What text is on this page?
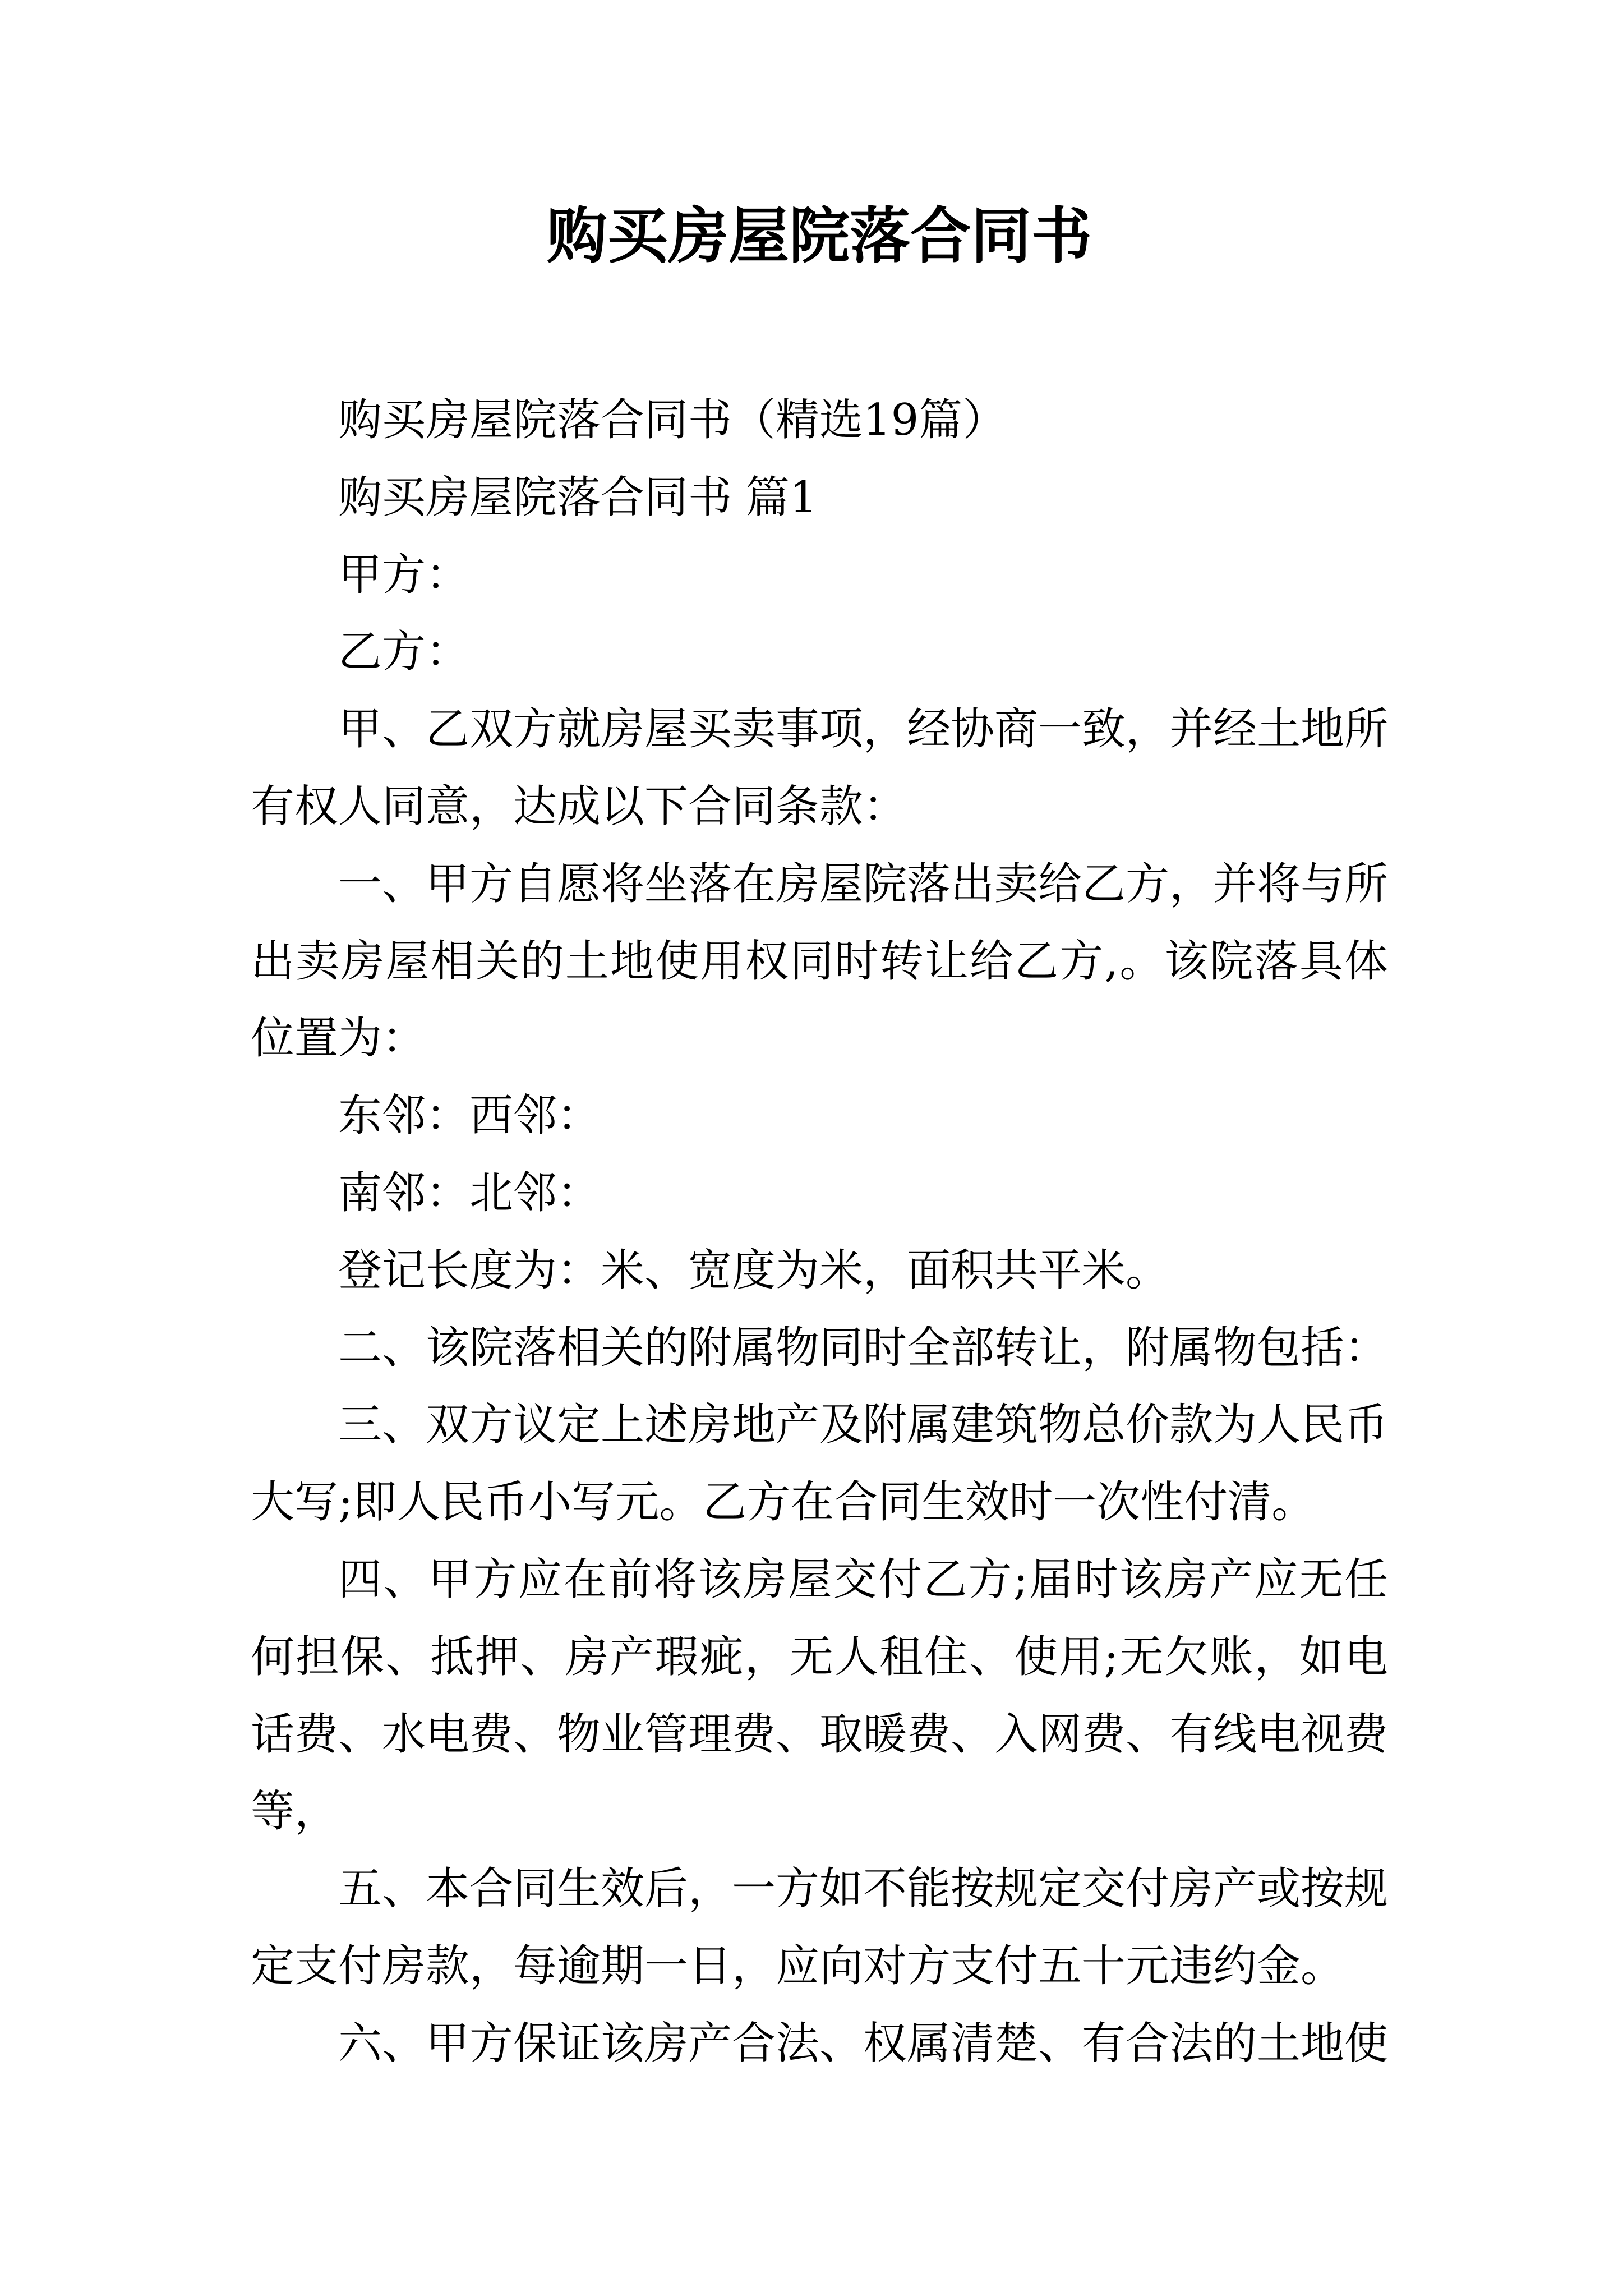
购买房屋院落合同书
购买房屋院落合同书（精选19篇）
购买房屋院落合同书 篇1
甲方：
乙方：
甲、乙双方就房屋买卖事项，经协商一致，并经土地所
有权人同意，达成以下合同条款：
一、甲方自愿将坐落在房屋院落出卖给乙方，并将与所
出卖房屋相关的土地使用权同时转让给乙方,。该院落具体
位置为：
东邻：西邻：
南邻：北邻：
登记长度为：米、宽度为米，面积共平米。
二、该院落相关的附属物同时全部转让，附属物包括：
三、双方议定上述房地产及附属建筑物总价款为人民币
大写;即人民币小写元。乙方在合同生效时一次性付清。
四、甲方应在前将该房屋交付乙方;届时该房产应无任
何担保、抵押、房产瑕疵，无人租住、使用;无欠账，如电
话费、水电费、物业管理费、取暖费、入网费、有线电视费
等，
五、本合同生效后，一方如不能按规定交付房产或按规
定支付房款，每逾期一日，应向对方支付五十元违约金。
六、甲方保证该房产合法、权属清楚、有合法的土地使
